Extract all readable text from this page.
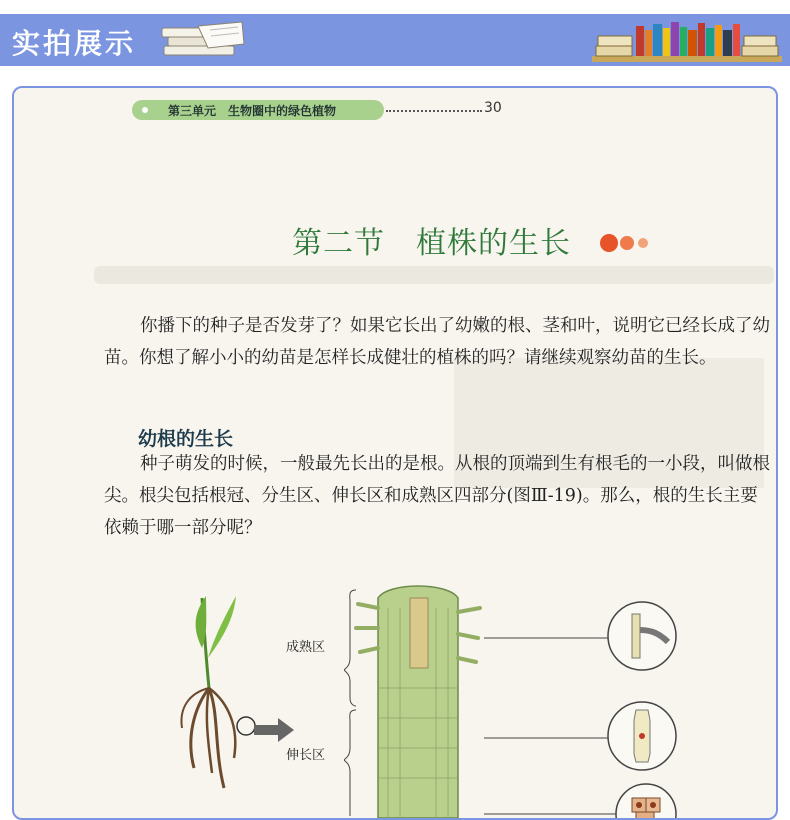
实拍展示
第三单元　生物圈中的绿色植物	30
第二节　植株的生长
你播下的种子是否发芽了？如果它长出了幼嫩的根、茎和叶，说明它已经长成了幼苗。你想了解小小的幼苗是怎样长成健壮的植株的吗？请继续观察幼苗的生长。
幼根的生长
种子萌发的时候，一般最先长出的是根。从根的顶端到生有根毛的一小段，叫做根尖。根尖包括根冠、分生区、伸长区和成熟区四部分(图Ⅲ-19)。那么，根的生长主要依赖于哪一部分呢？
成熟区
伸长区
